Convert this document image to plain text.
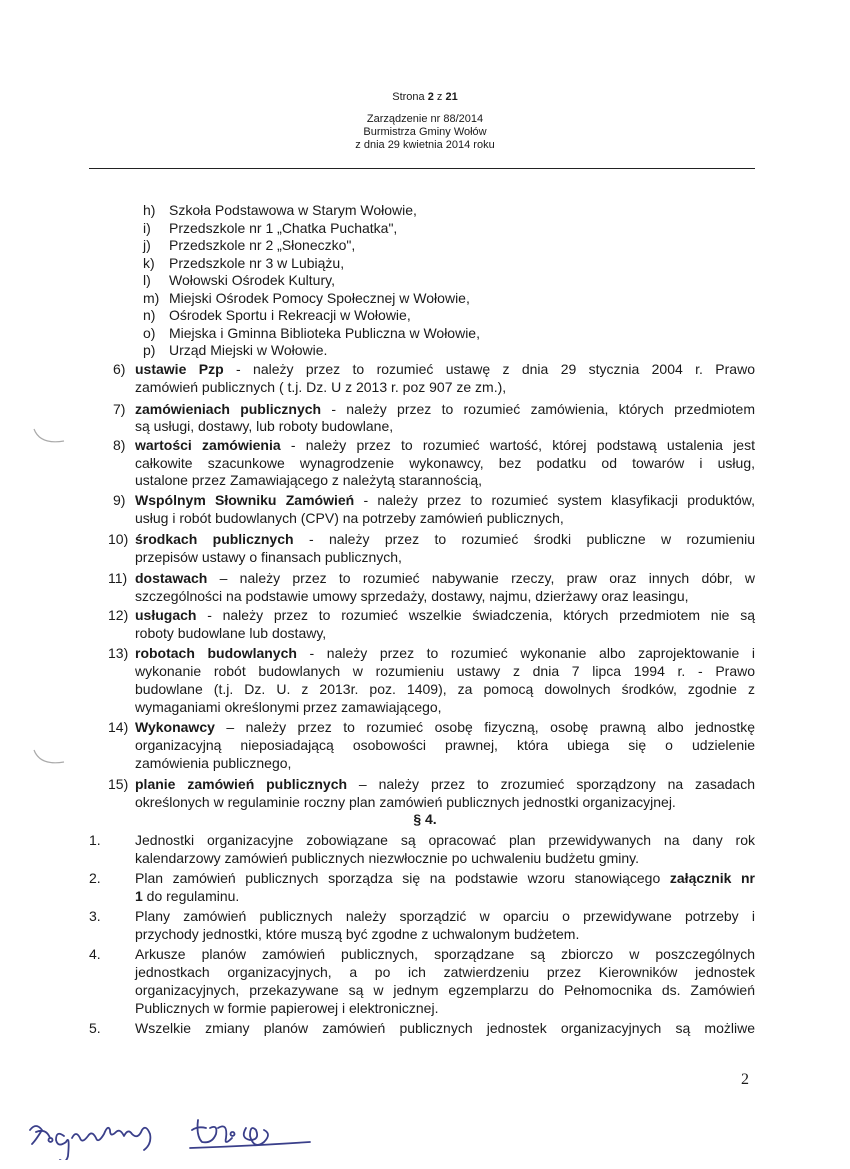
Strona 2 z 21
Zarządzenie nr 88/2014
Burmistrza Gminy Wołów
z dnia 29 kwietnia 2014 roku
h) Szkoła Podstawowa w Starym Wołowie,
i) Przedszkole nr 1 „Chatka Puchatka",
j) Przedszkole nr 2 „Słoneczko",
k) Przedszkole nr 3 w Lubiążu,
l) Wołowski Ośrodek Kultury,
m) Miejski Ośrodek Pomocy Społecznej w Wołowie,
n) Ośrodek Sportu i Rekreacji w Wołowie,
o) Miejska i Gminna Biblioteka Publiczna w Wołowie,
p) Urząd Miejski w Wołowie.
6) ustawie Pzp - należy przez to rozumieć ustawę z dnia 29 stycznia 2004 r. Prawo
zamówień publicznych ( t.j. Dz. U z 2013 r. poz 907 ze zm.),
7) zamówieniach publicznych - należy przez to rozumieć zamówienia, których przedmiotem
są usługi, dostawy, lub roboty budowlane,
8) wartości zamówienia - należy przez to rozumieć wartość, której podstawą ustalenia jest
całkowite szacunkowe wynagrodzenie wykonawcy, bez podatku od towarów i usług,
ustalone przez Zamawiającego z należytą starannością,
9) Wspólnym Słowniku Zamówień - należy przez to rozumieć system klasyfikacji produktów,
usług i robót budowlanych (CPV) na potrzeby zamówień publicznych,
10) środkach publicznych - należy przez to rozumieć środki publiczne w rozumieniu
przepisów ustawy o finansach publicznych,
11) dostawach – należy przez to rozumieć nabywanie rzeczy, praw oraz innych dóbr, w
szczególności na podstawie umowy sprzedaży, dostawy, najmu, dzierżawy oraz leasingu,
12) usługach - należy przez to rozumieć wszelkie świadczenia, których przedmiotem nie są
roboty budowlane lub dostawy,
13) robotach budowlanych - należy przez to rozumieć wykonanie albo zaprojektowanie i
wykonanie robót budowlanych w rozumieniu ustawy z dnia 7 lipca 1994 r. - Prawo
budowlane (t.j. Dz. U. z 2013r. poz. 1409), za pomocą dowolnych środków, zgodnie z
wymaganiami określonymi przez zamawiającego,
14) Wykonawcy – należy przez to rozumieć osobę fizyczną, osobę prawną albo jednostkę
organizacyjną nieposiadającą osobowości prawnej, która ubiega się o udzielenie
zamówienia publicznego,
15) planie zamówień publicznych – należy przez to zrozumieć sporządzony na zasadach
określonych w regulaminie roczny plan zamówień publicznych jednostki organizacyjnej.
§ 4.
1. Jednostki organizacyjne zobowiązane są opracować plan przewidywanych na dany rok
kalendarzowy zamówień publicznych niezwłocznie po uchwaleniu budżetu gminy.
2. Plan zamówień publicznych sporządza się na podstawie wzoru stanowiącego załącznik nr
1 do regulaminu.
3. Plany zamówień publicznych należy sporządzić w oparciu o przewidywane potrzeby i
przychody jednostki, które muszą być zgodne z uchwalonym budżetem.
4. Arkusze planów zamówień publicznych, sporządzane są zbiorczo w poszczególnych
jednostkach organizacyjnych, a po ich zatwierdzeniu przez Kierowników jednostek
organizacyjnych, przekazywane są w jednym egzemplarzu do Pełnomocnika ds. Zamówień
Publicznych w formie papierowej i elektronicznej.
5. Wszelkie zmiany planów zamówień publicznych jednostek organizacyjnych są możliwe
2
